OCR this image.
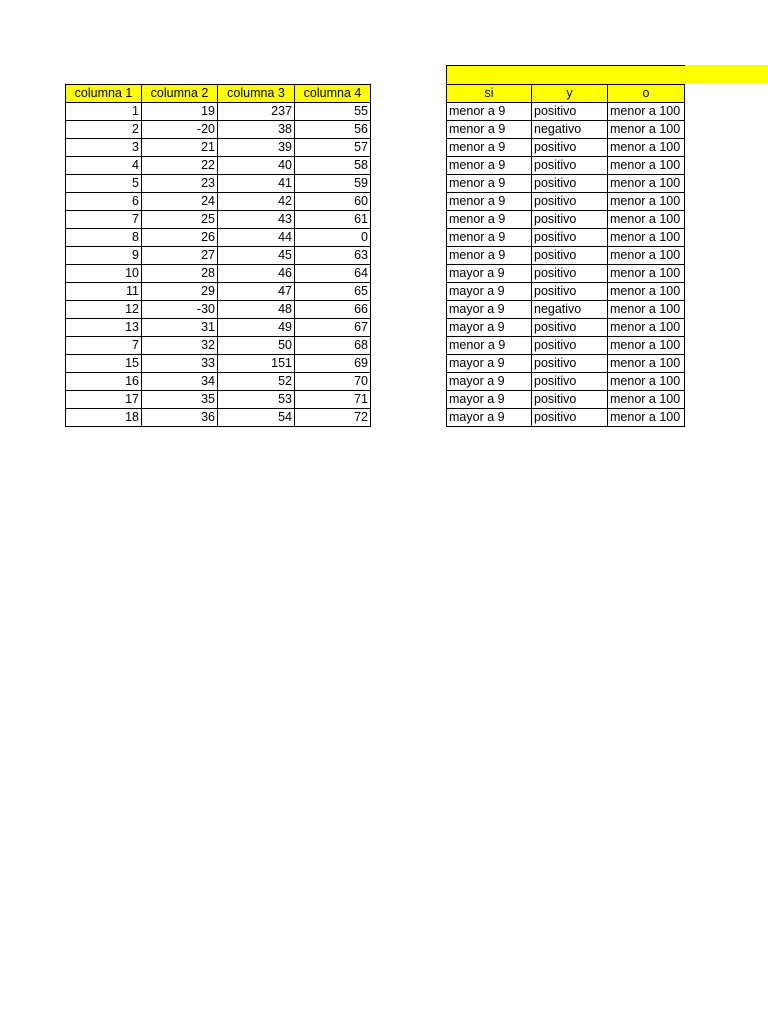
columna 1	columna 2	columna 3	columna 4
1	19	237	55
2	-20	38	56
3	21	39	57
4	22	40	58
5	23	41	59
6	24	42	60
7	25	43	61
8	26	44	0
9	27	45	63
10	28	46	64
11	29	47	65
12	-30	48	66
13	31	49	67
7	32	50	68
15	33	151	69
16	34	52	70
17	35	53	71
18	36	54	72
si	y	o
menor a 9	positivo	menor a 100
menor a 9	negativo	menor a 100
menor a 9	positivo	menor a 100
menor a 9	positivo	menor a 100
menor a 9	positivo	menor a 100
menor a 9	positivo	menor a 100
menor a 9	positivo	menor a 100
menor a 9	positivo	menor a 100
menor a 9	positivo	menor a 100
mayor a 9	positivo	menor a 100
mayor a 9	positivo	menor a 100
mayor a 9	negativo	menor a 100
mayor a 9	positivo	menor a 100
menor a 9	positivo	menor a 100
mayor a 9	positivo	menor a 100
mayor a 9	positivo	menor a 100
mayor a 9	positivo	menor a 100
mayor a 9	positivo	menor a 100
